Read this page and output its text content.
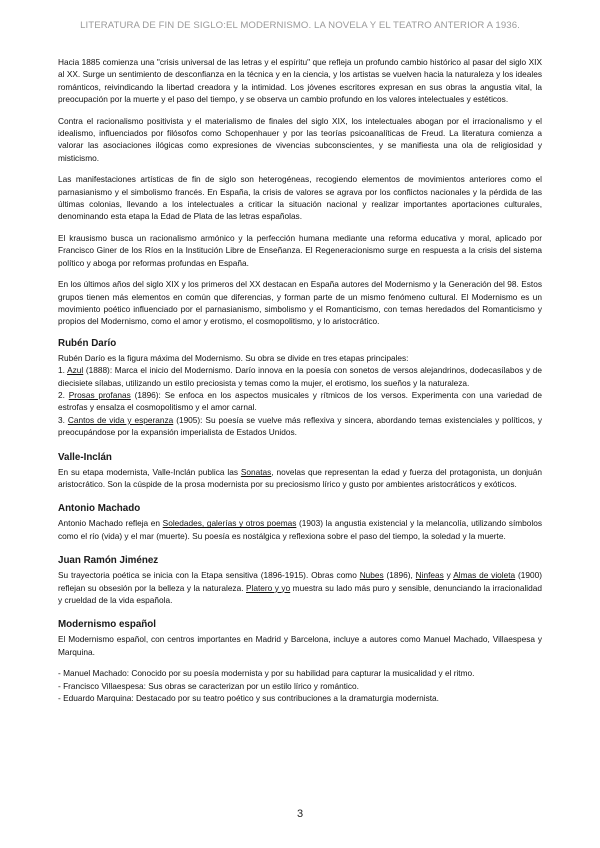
LITERATURA DE FIN DE SIGLO:EL MODERNISMO. LA NOVELA Y EL TEATRO ANTERIOR A 1936.

Hacia 1885 comienza una "crisis universal de las letras y el espíritu" que refleja un profundo cambio histórico al pasar del siglo XIX al XX. Surge un sentimiento de desconfianza en la técnica y en la ciencia, y los artistas se vuelven hacia la naturaleza y los ideales románticos, reivindicando la libertad creadora y la intimidad. Los jóvenes escritores expresan en sus obras la angustia vital, la preocupación por la muerte y el paso del tiempo, y se observa un cambio profundo en los valores intelectuales y estéticos.

Contra el racionalismo positivista y el materialismo de finales del siglo XIX, los intelectuales abogan por el irracionalismo y el idealismo, influenciados por filósofos como Schopenhauer y por las teorías psicoanalíticas de Freud. La literatura comienza a valorar las asociaciones ilógicas como expresiones de vivencias subconscientes, y se manifiesta una ola de religiosidad y misticismo.

Las manifestaciones artísticas de fin de siglo son heterogéneas, recogiendo elementos de movimientos anteriores como el parnasianismo y el simbolismo francés. En España, la crisis de valores se agrava por los conflictos nacionales y la pérdida de las últimas colonias, llevando a los intelectuales a criticar la situación nacional y realizar importantes aportaciones culturales, denominando esta etapa la Edad de Plata de las letras españolas.

El krausismo busca un racionalismo armónico y la perfección humana mediante una reforma educativa y moral, aplicado por Francisco Giner de los Ríos en la Institución Libre de Enseñanza. El Regeneracionismo surge en respuesta a la crisis del sistema político y aboga por reformas profundas en España.

En los últimos años del siglo XIX y los primeros del XX destacan en España autores del Modernismo y la Generación del 98. Estos grupos tienen más elementos en común que diferencias, y forman parte de un mismo fenómeno cultural. El Modernismo es un movimiento poético influenciado por el parnasianismo, simbolismo y el Romanticismo, con temas heredados del Romanticismo y propios del Modernismo, como el amor y erotismo, el cosmopolitismo, y lo aristocrático.

Rubén Darío

Rubén Darío es la figura máxima del Modernismo. Su obra se divide en tres etapas principales:

1. Azul (1888): Marca el inicio del Modernismo. Darío innova en la poesía con sonetos de versos alejandrinos, dodecasílabos y de diecisiete sílabas, utilizando un estilo preciosista y temas como la mujer, el erotismo, los sueños y la naturaleza.

2. Prosas profanas (1896): Se enfoca en los aspectos musicales y rítmicos de los versos. Experimenta con una variedad de estrofas y ensalza el cosmopolitismo y el amor carnal.

3. Cantos de vida y esperanza (1905): Su poesía se vuelve más reflexiva y sincera, abordando temas existenciales y políticos, y preocupándose por la expansión imperialista de Estados Unidos.

Valle-Inclán

En su etapa modernista, Valle-Inclán publica las Sonatas, novelas que representan la edad y fuerza del protagonista, un donjuán aristocrático. Son la cúspide de la prosa modernista por su preciosismo lírico y gusto por ambientes aristocráticos y exóticos.

Antonio Machado

Antonio Machado refleja en Soledades, galerías y otros poemas (1903) la angustia existencial y la melancolía, utilizando símbolos como el río (vida) y el mar (muerte). Su poesía es nostálgica y reflexiona sobre el paso del tiempo, la soledad y la muerte.

Juan Ramón Jiménez

Su trayectoria poética se inicia con la Etapa sensitiva (1896-1915). Obras como Nubes (1896), Ninfeas y Almas de violeta (1900) reflejan su obsesión por la belleza y la naturaleza. Platero y yo muestra su lado más puro y sensible, denunciando la irracionalidad y crueldad de la vida española.

Modernismo español

El Modernismo español, con centros importantes en Madrid y Barcelona, incluye a autores como Manuel Machado, Villaespesa y Marquina.

- Manuel Machado: Conocido por su poesía modernista y por su habilidad para capturar la musicalidad y el ritmo.

- Francisco Villaespesa: Sus obras se caracterizan por un estilo lírico y romántico.

- Eduardo Marquina: Destacado por su teatro poético y sus contribuciones a la dramaturgia modernista.

3
